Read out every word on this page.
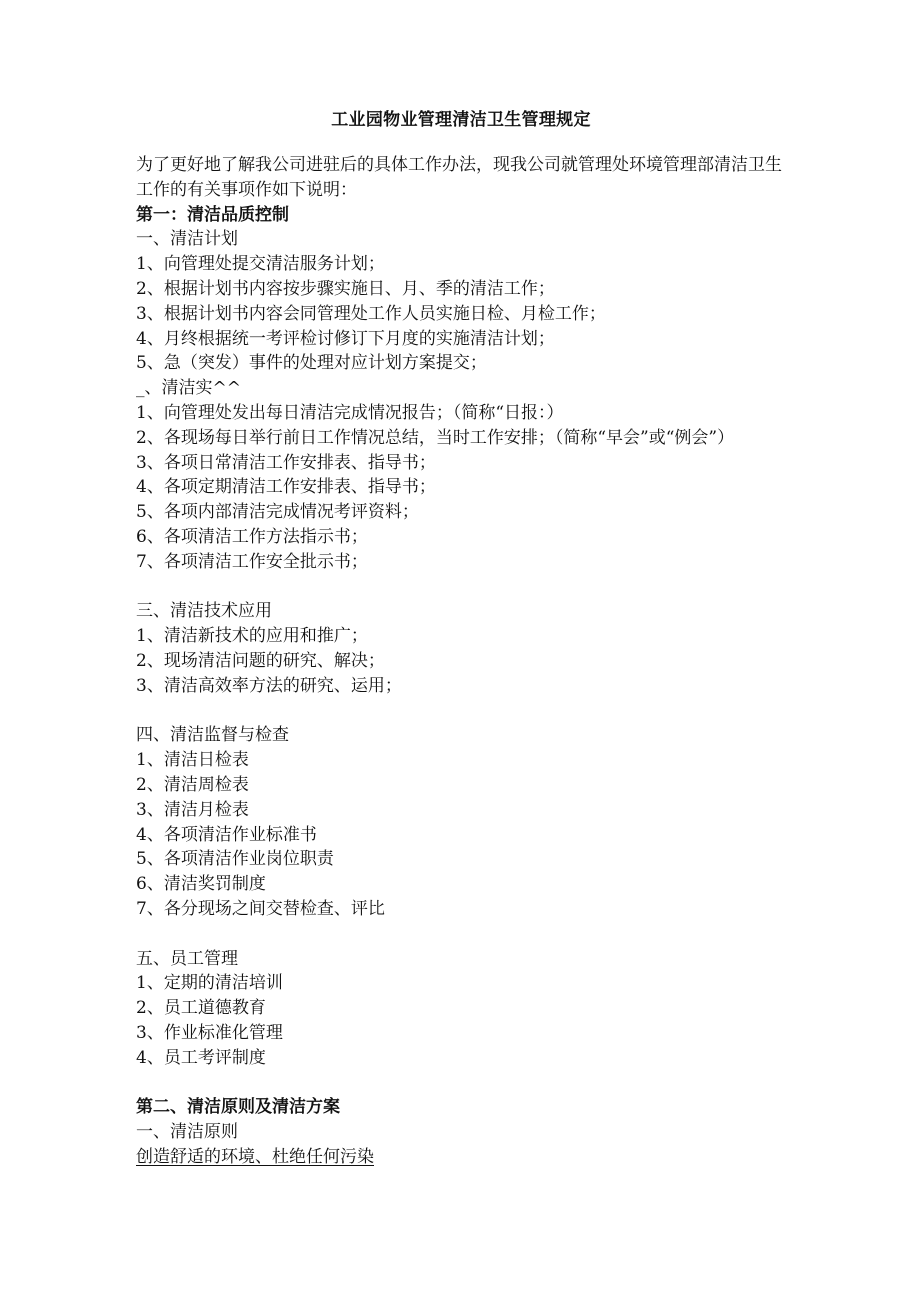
工业园物业管理清洁卫生管理规定
为了更好地了解我公司进驻后的具体工作办法，现我公司就管理处环境管理部清洁卫生工作的有关事项作如下说明：
第一：清洁品质控制
一、清洁计划
1、向管理处提交清洁服务计划；
2、根据计划书内容按步骤实施日、月、季的清洁工作；
3、根据计划书内容会同管理处工作人员实施日检、月检工作；
4、月终根据统一考评检讨修订下月度的实施清洁计划；
5、急（突发）事件的处理对应计划方案提交；
_、清洁实^^
1、向管理处发出每日清洁完成情况报告；（简称“日报：）
2、各现场每日举行前日工作情况总结，当时工作安排；（简称“早会”或“例会”）
3、各项日常清洁工作安排表、指导书；
4、各项定期清洁工作安排表、指导书；
5、各项内部清洁完成情况考评资料；
6、各项清洁工作方法指示书；
7、各项清洁工作安全批示书；
三、清洁技术应用
1、清洁新技术的应用和推广；
2、现场清洁问题的研究、解决；
3、清洁高效率方法的研究、运用；
四、清洁监督与检查
1、清洁日检表
2、清洁周检表
3、清洁月检表
4、各项清洁作业标准书
5、各项清洁作业岗位职责
6、清洁奖罚制度
7、各分现场之间交替检查、评比
五、员工管理
1、定期的清洁培训
2、员工道德教育
3、作业标准化管理
4、员工考评制度
第二、清洁原则及清洁方案
一、清洁原则
创造舒适的环境、杜绝任何污染
